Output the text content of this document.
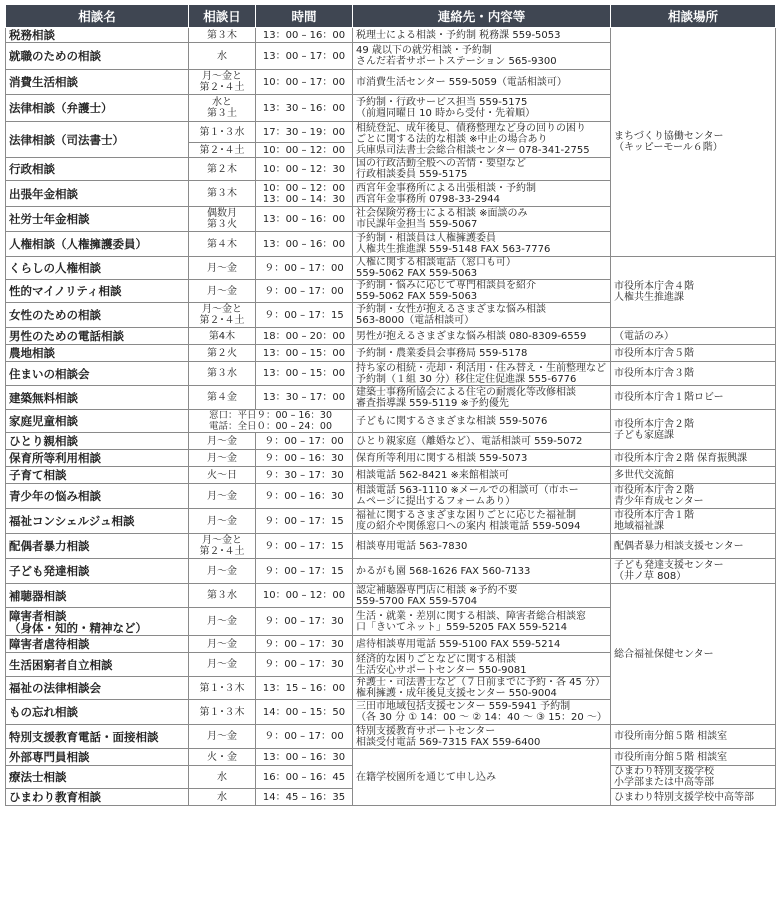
相談名	相談日	時間	連絡先・内容等	相談場所

税務相談	第３木	13：00 – 16：00	税理士による相談・予約制 税務課 559-5053	まちづくり協働センター
（キッピーモール６階）

就職のための相談	水	13：00 – 17：00	49 歳以下の就労相談・予約制
さんだ若者サポートステーション 565-9300	

消費生活相談	月～金と
第２･４土	10：00 – 17：00	市消費生活センター 559-5059（電話相談可）	

法律相談（弁護士）	水と
第３土	13：30 – 16：00	予約制・行政サービス担当 559-5175
（前週同曜日 10 時から受付・先着順）	

法律相談（司法書士）	第１･３水	17：30 – 19：00	相続登記、成年後見、債務整理など身の回りの困り
ごとに関する法的な相談 ※中止の場合あり
兵庫県司法書士会総合相談センター 078-341-2755	

	第２･４土	10：00 – 12：00		

行政相談	第２木	10：00 – 12：30	国の行政活動全般への苦情・要望など
行政相談委員 559-5175	

出張年金相談	第３木	10：00 – 12：00
13：00 – 14：30	西宮年金事務所による出張相談・予約制
西宮年金事務所 0798-33-2944	

社労士年金相談	偶数月
第３火	13：00 – 16：00	社会保険労務士による相談 ※面談のみ
市民課年金担当 559-5067	

人権相談（人権擁護委員）	第４木	13：00 – 16：00	予約制・相談員は人権擁護委員
人権共生推進課 559-5148 FAX 563-7776	

くらしの人権相談	月～金	９：00 – 17：00	人権に関する相談電話（窓口も可）
559-5062 FAX 559-5063	市役所本庁舎４階
人権共生推進課

性的マイノリティ相談	月～金	９：00 – 17：00	予約制・悩みに応じて専門相談員を紹介
559-5062 FAX 559-5063	

女性のための相談	月～金と
第２･４土	９：00 – 17：15	予約制・女性が抱えるさまざまな悩み相談
563-8000（電話相談可）	

男性のための電話相談	第4木	18：00 – 20：00	男性が抱えるさまざまな悩み相談 080-8309-6559	（電話のみ）

農地相談	第２火	13：00 – 15：00	予約制・農業委員会事務局 559-5178	市役所本庁舎５階

住まいの相談会	第３水	13：00 – 15：00	持ち家の相続・売却・利活用・住み替え・生前整理など
予約制（１組 30 分）移住定住促進課 555-6776	市役所本庁舎３階

建築無料相談	第４金	13：30 – 17：00	建築士事務所協会による住宅の耐震化等改修相談
審査指導課 559-5119 ※予約優先	市役所本庁舎１階ロビー

家庭児童相談	窓口：平日９：00 – 16：30
電話：全日０：00 – 24：00		子どもに関するさまざまな相談 559-5076	市役所本庁舎２階
子ども家庭課

ひとり親相談	月～金	９：00 – 17：00	ひとり親家庭（離婚など）、電話相談可 559-5072	

保育所等利用相談	月～金	９：00 – 16：30	保育所等利用に関する相談 559-5073	市役所本庁舎２階 保育振興課

子育て相談	火～日	９：30 – 17：30	相談電話 562-8421 ※来館相談可	多世代交流館

青少年の悩み相談	月～金	９：00 – 16：30	相談電話 563-1110 ※メールでの相談可（市ホー
ムページに提出するフォームあり）	市役所本庁舎２階
青少年育成センター

福祉コンシェルジュ相談	月～金	９：00 – 17：15	福祉に関するさまざまな困りごとに応じた福祉制
度の紹介や関係窓口への案内 相談電話 559-5094	市役所本庁舎１階
地域福祉課

配偶者暴力相談	月～金と
第２･４土	９：00 – 17：15	相談専用電話 563-7830	配偶者暴力相談支援センター

子ども発達相談	月～金	９：00 – 17：15	かるがも園 568-1626 FAX 560-7133	子ども発達支援センター
（井ノ草 808）

補聴器相談	第３水	10：00 – 12：00	認定補聴器専門店に相談 ※予約不要
559-5700 FAX 559-5704	総合福祉保健センター

障害者相談
（身体・知的・精神など）	月～金	９：00 – 17：30	生活・就業・差別に関する相談、障害者総合相談窓
口「きいてネット」559-5205 FAX 559-5214	

障害者虐待相談	月～金	９：00 – 17：30	虐待相談専用電話 559-5100 FAX 559-5214	

生活困窮者自立相談	月～金	９：00 – 17：30	経済的な困りごとなどに関する相談
生活安心サポートセンター 550-9081	

福祉の法律相談会	第１･３木	13：15 – 16：00	弁護士・司法書士など（７日前までに予約・各 45 分）
権利擁護・成年後見支援センター 550-9004	

もの忘れ相談	第１･３木	14：00 – 15：50	三田市地域包括支援センター 559-5941 予約制
（各 30 分 ① 14：00 ～ ② 14：40 ～ ③ 15：20 ～）	

特別支援教育電話・面接相談	月～金	９：00 – 17：00	特別支援教育サポートセンター
相談受付電話 569-7315 FAX 559-6400	市役所南分館５階 相談室

外部専門員相談	火・金	13：00 – 16：30	在籍学校園所を通じて申し込み	市役所南分館５階 相談室

療法士相談	水	16：00 – 16：45		ひまわり特別支援学校
小学部または中高等部

ひまわり教育相談	水	14：45 – 16：35		ひまわり特別支援学校中高等部
